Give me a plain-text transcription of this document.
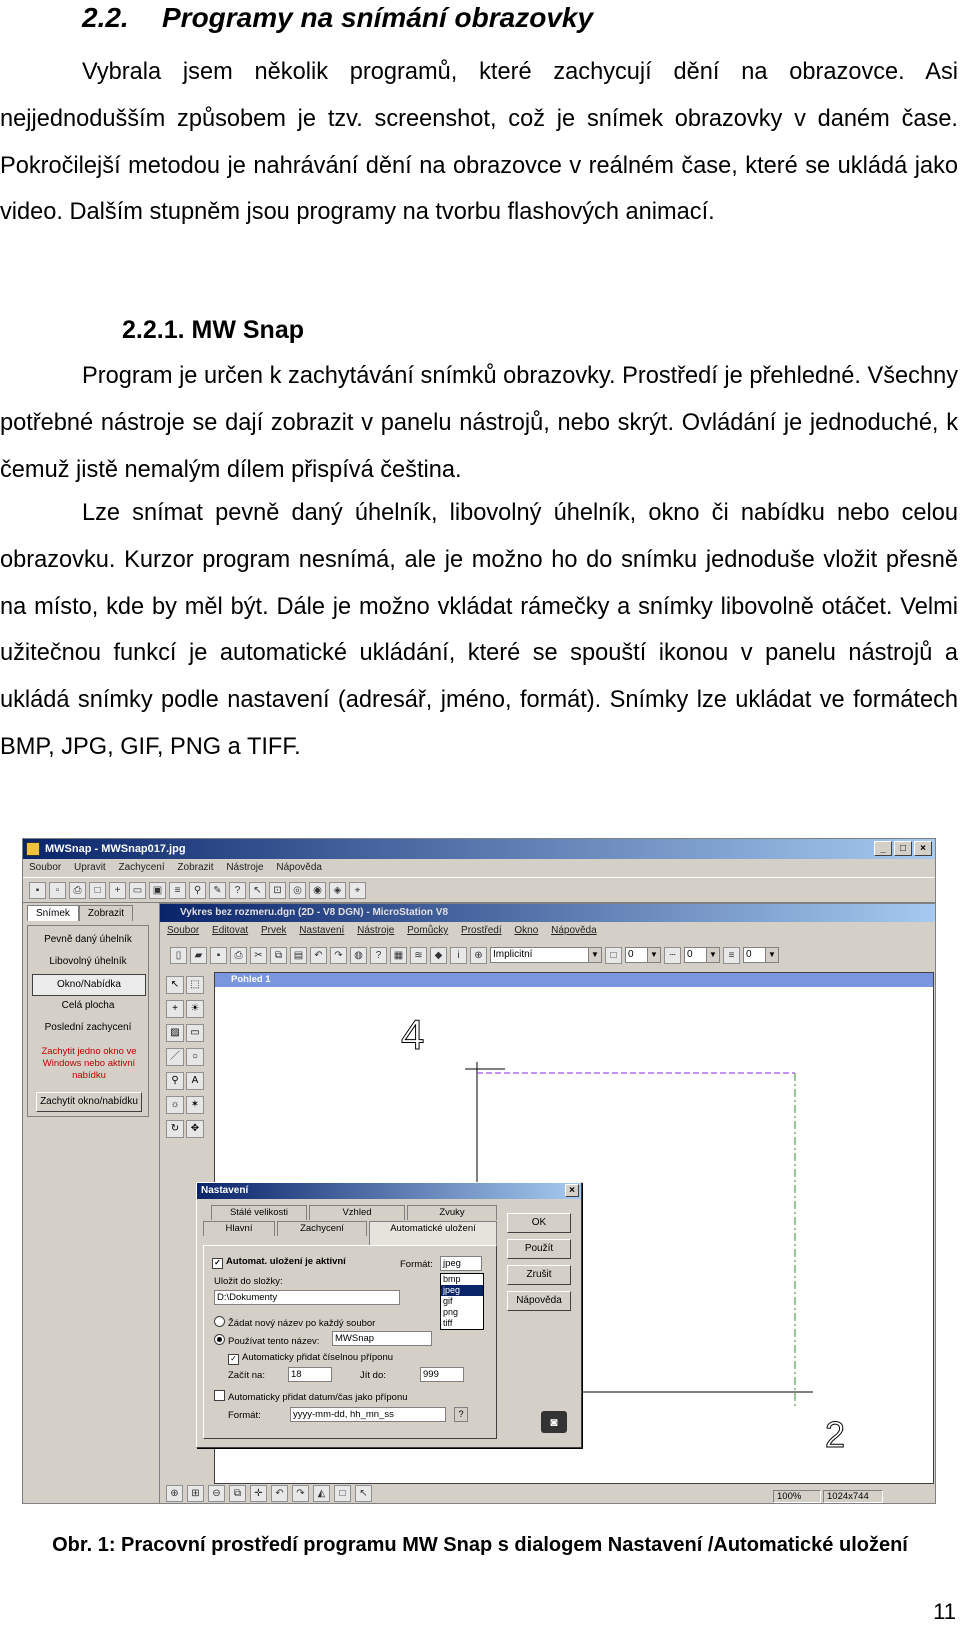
2.2. Programy na snímání obrazovky

Vybrala jsem několik programů, které zachycují dění na obrazovce. Asi nejjednodušším způsobem je tzv. screenshot, což je snímek obrazovky v daném čase. Pokročilejší metodou je nahrávání dění na obrazovce v reálném čase, které se ukládá jako video. Dalším stupněm jsou programy na tvorbu flashových animací.

2.2.1. MW Snap

Program je určen k zachytávání snímků obrazovky. Prostředí je přehledné. Všechny potřebné nástroje se dají zobrazit v panelu nástrojů, nebo skrýt. Ovládání je jednoduché, k čemuž jistě nemalým dílem přispívá čeština.

Lze snímat pevně daný úhelník, libovolný úhelník, okno či nabídku nebo celou obrazovku. Kurzor program nesnímá, ale je možno ho do snímku jednoduše vložit přesně na místo, kde by měl být. Dále je možno vkládat rámečky a snímky libovolně otáčet. Velmi užitečnou funkcí je automatické ukládání, které se spouští ikonou v panelu nástrojů a ukládá snímky podle nastavení (adresář, jméno, formát). Snímky lze ukládat ve formátech BMP, JPG, GIF, PNG a TIFF.

MWSnap - MWSnap017.jpg	_	□	×
Soubor Upravit Zachycení Zobrazit Nástroje Nápověda
▪	▫	⎙	□	+	▭	▣	≡	⚲	✎	?	↖	⊡	◎	◉	◈	⌖
Snímek	Zobrazit
Pevně daný úhelník
Libovolný úhelník
Okno/Nabídka
Celá plocha
Poslední zachycení
Zachytit jedno okno ve Windows nebo aktivní nabídku
Zachytit okno/nabídku
Vykres bez rozmeru.dgn (2D - V8 DGN) - MicroStation V8
Soubor Editovat Prvek Nastavení Nástroje Pomůcky Prostředí Okno Nápověda
▯	▰	▪	⎙	✂	⧉	▤	↶	↷	◍	?	▦	≋	◆	i	⊕	Implicitní	▼	□	0	▼	┄	0	▼	≡	0	▼
↖	⬚
+	☀
▨	▭
／	○
⚲	A
☼	✶
↻	✥
Pohled 1
4
2
⊕	⊞	⊖	⧉	✛	↶	↷	◭	□	↖
Nastavení	×
Stálé velikosti	Vzhled	Zvuky
Hlavní	Zachycení	Automatické uložení
✓ Automat. uložení je aktivní	Formát:	jpeg
bmp
jpeg
gif
png
tiff
Uložit do složky:
D:\Dokumenty
Žádat nový název po každý soubor
Používat tento název:	MWSnap
✓ Automaticky přidat číselnou příponu
Začít na:	18	Jít do:	999
Automaticky přidat datum/čas jako příponu
Formát:	yyyy-mm-dd, hh_mn_ss	?
OK
Použít
Zrušit
Nápověda
◙
100%	1024x744
Obr. 1: Pracovní prostředí programu MW Snap s dialogem Nastavení /Automatické uložení
11
